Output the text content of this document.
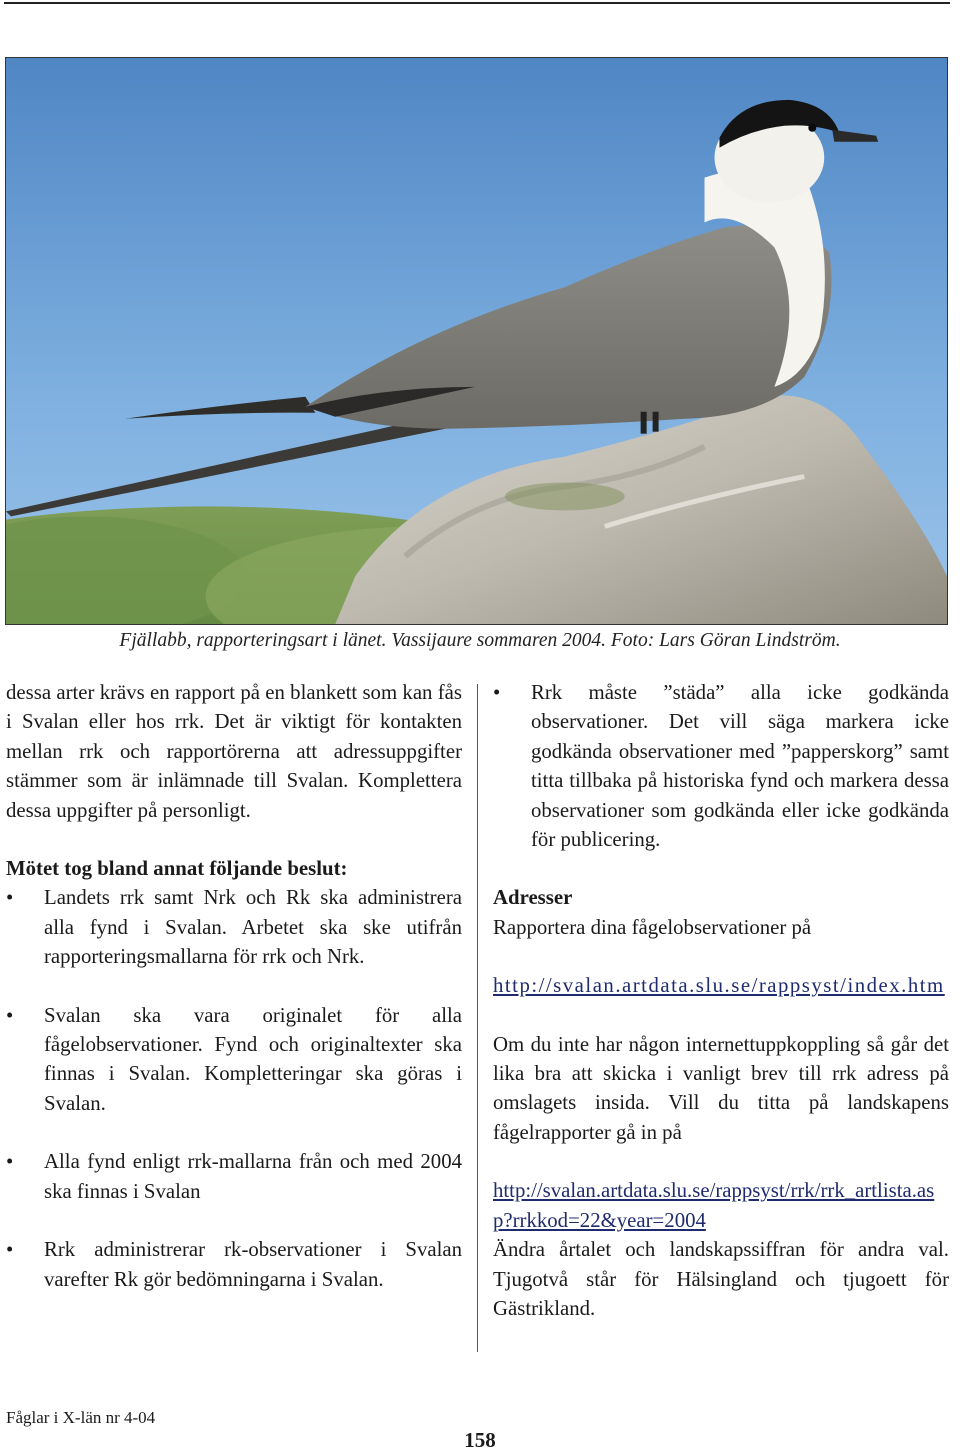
Fjällabb, rapporteringsart i länet. Vassijaure sommaren 2004. Foto: Lars Göran Lindström.

dessa arter krävs en rapport på en blankett som kan fås i Svalan eller hos rrk. Det är viktigt för kontakten mellan rrk och rapportörerna att adressuppgifter stämmer som är inlämnade till Svalan. Komplettera dessa uppgifter på personligt.

Mötet tog bland annat följande beslut:

•	Landets rrk samt Nrk och Rk ska administrera alla fynd i Svalan. Arbetet ska ske utifrån rapporteringsmallarna för rrk och Nrk.
•	Svalan ska vara originalet för alla fågelobservationer. Fynd och originaltexter ska finnas i Svalan. Kompletteringar ska göras i Svalan.
•	Alla fynd enligt rrk-mallarna från och med 2004 ska finnas i Svalan
•	Rrk administrerar rk-observationer i Svalan varefter Rk gör bedömningarna i Svalan.
•	Rrk måste ”städa” alla icke godkända observationer. Det vill säga markera icke godkända observationer med ”papperskorg” samt titta tillbaka på historiska fynd och markera dessa observationer som godkända eller icke godkända för publicering.

Adresser

Rapportera dina fågelobservationer på

http://svalan.artdata.slu.se/rappsyst/index.htm

Om du inte har någon internettuppkoppling så går det lika bra att skicka i vanligt brev till rrk adress på omslagets insida. Vill du titta på landskapens fågelrapporter gå in på

http://svalan.artdata.slu.se/rappsyst/rrk/rrk_artlista.asp?rrkkod=22&year=2004

Ändra årtalet och landskapssiffran för andra val. Tjugotvå står för Hälsingland och tjugoett för Gästrikland.

Fåglar i X-län nr 4-04
158
